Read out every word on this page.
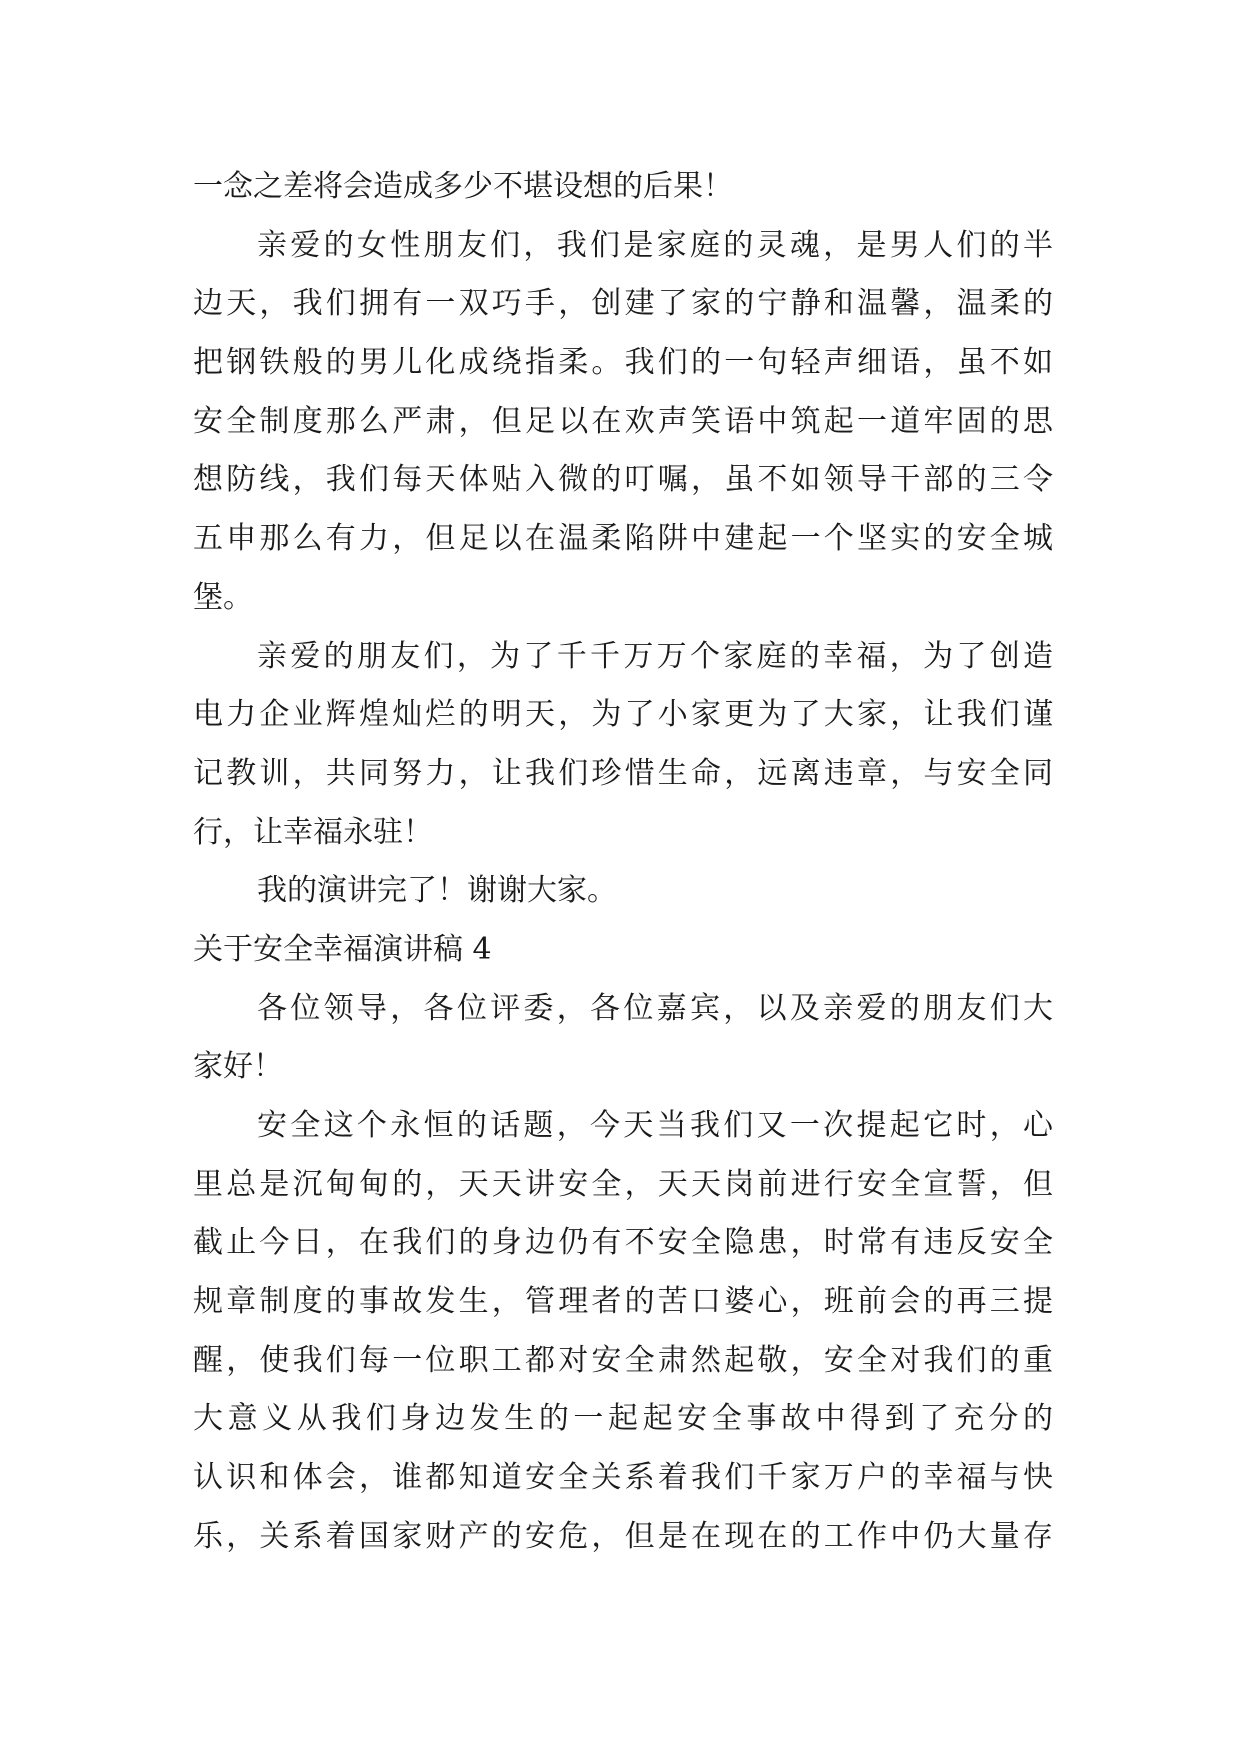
一念之差将会造成多少不堪设想的后果！
亲爱的女性朋友们，我们是家庭的灵魂，是男人们的半
边天，我们拥有一双巧手，创建了家的宁静和温馨，温柔的
把钢铁般的男儿化成绕指柔。我们的一句轻声细语，虽不如
安全制度那么严肃，但足以在欢声笑语中筑起一道牢固的思
想防线，我们每天体贴入微的叮嘱，虽不如领导干部的三令
五申那么有力，但足以在温柔陷阱中建起一个坚实的安全城
堡。
亲爱的朋友们，为了千千万万个家庭的幸福，为了创造
电力企业辉煌灿烂的明天，为了小家更为了大家，让我们谨
记教训，共同努力，让我们珍惜生命，远离违章，与安全同
行，让幸福永驻！
我的演讲完了！谢谢大家。
关于安全幸福演讲稿 4
各位领导，各位评委，各位嘉宾，以及亲爱的朋友们大
家好！
安全这个永恒的话题，今天当我们又一次提起它时，心
里总是沉甸甸的，天天讲安全，天天岗前进行安全宣誓，但
截止今日，在我们的身边仍有不安全隐患，时常有违反安全
规章制度的事故发生，管理者的苦口婆心，班前会的再三提
醒，使我们每一位职工都对安全肃然起敬，安全对我们的重
大意义从我们身边发生的一起起安全事故中得到了充分的
认识和体会，谁都知道安全关系着我们千家万户的幸福与快
乐，关系着国家财产的安危，但是在现在的工作中仍大量存
